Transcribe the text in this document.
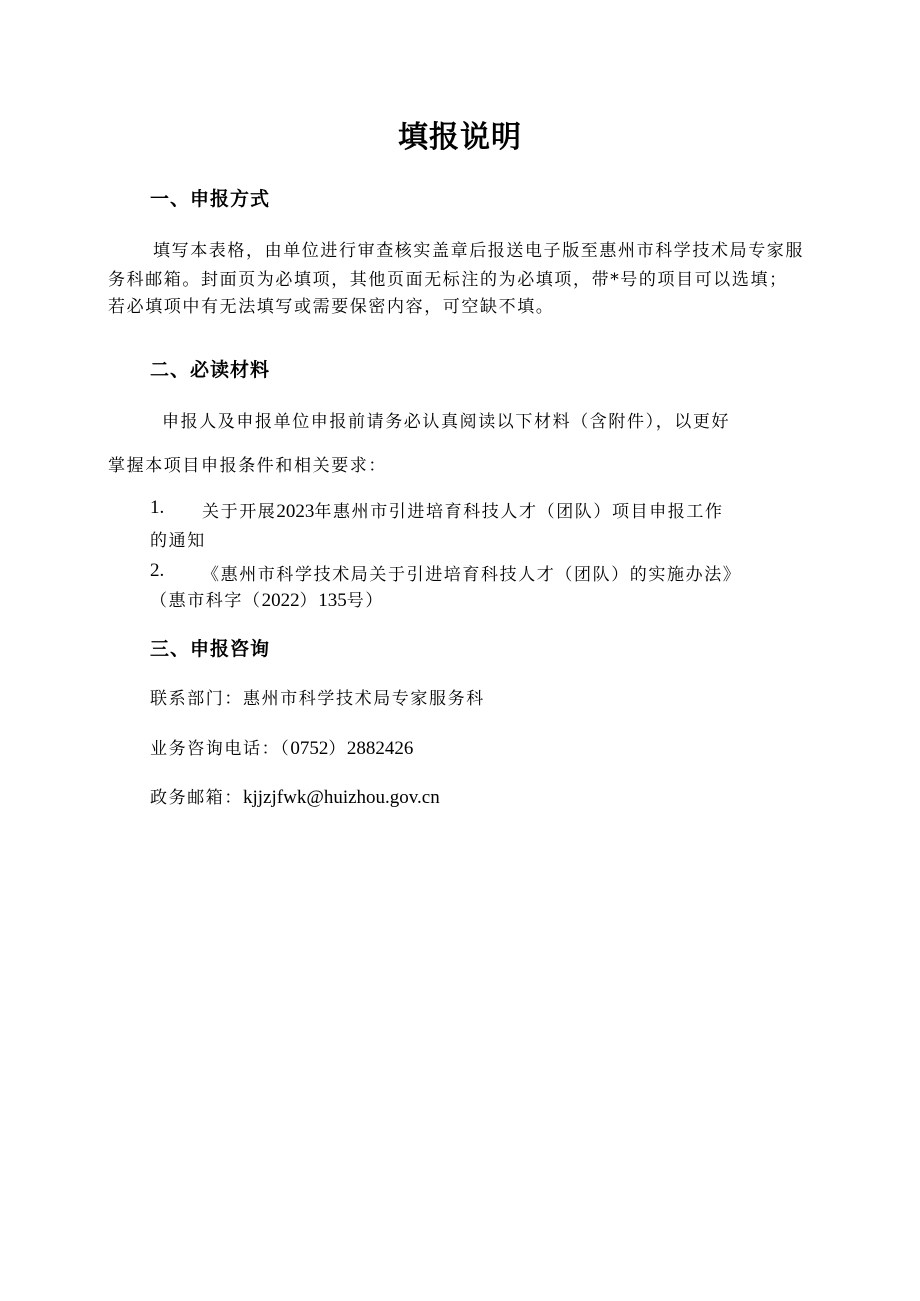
填报说明
一、申报方式
填写本表格，由单位进行审查核实盖章后报送电子版至惠州市科学技术局专家服
务科邮箱。封面页为必填项，其他页面无标注的为必填项，带*号的项目可以选填；
若必填项中有无法填写或需要保密内容，可空缺不填。
二、必读材料
申报人及申报单位申报前请务必认真阅读以下材料（含附件），以更好
掌握本项目申报条件和相关要求：
1. 关于开展2023年惠州市引进培育科技人才（团队）项目申报工作
的通知
2. 《惠州市科学技术局关于引进培育科技人才（团队）的实施办法》
（惠市科字（2022）135号）
三、申报咨询
联系部门：惠州市科学技术局专家服务科
业务咨询电话：（0752）2882426
政务邮箱：kjjzjfwk@huizhou.gov.cn
